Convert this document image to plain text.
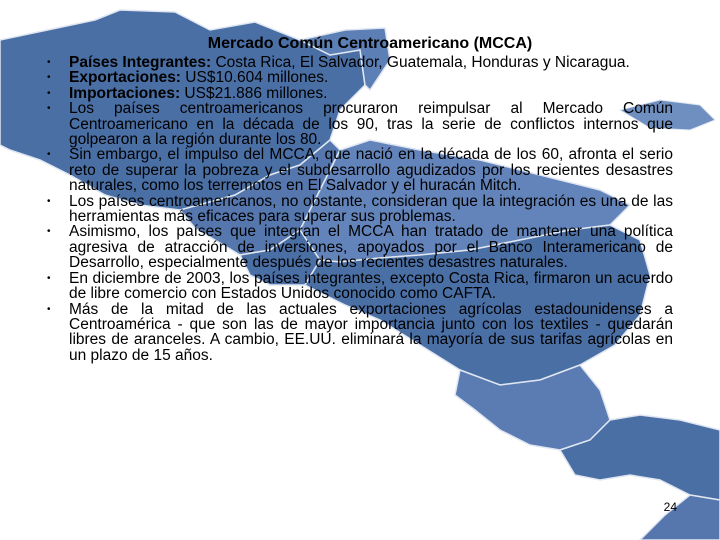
Mercado Común Centroamericano (MCCA)
•	Países Integrantes: Costa Rica, El Salvador, Guatemala, Honduras y Nicaragua.
•	Exportaciones: US$10.604 millones.
•	Importaciones: US$21.886 millones.
•	Los países centroamericanos procuraron reimpulsar al Mercado Común Centroamericano en la década de los 90, tras la serie de conflictos internos que golpearon a la región durante los 80.
•	Sin embargo, el impulso del MCCA, que nació en la década de los 60, afronta el serio reto de superar la pobreza y el subdesarrollo agudizados por los recientes desastres naturales, como los terremotos en El Salvador y el huracán Mitch.
•	Los países centroamericanos, no obstante, consideran que la integración es una de las herramientas más eficaces para superar sus problemas.
•	Asimismo, los países que integran el MCCA han tratado de mantener una política agresiva de atracción de inversiones, apoyados por el Banco Interamericano de Desarrollo, especialmente después de los recientes desastres naturales.
•	En diciembre de 2003, los países integrantes, excepto Costa Rica, firmaron un acuerdo de libre comercio con Estados Unidos conocido como CAFTA.
•	Más de la mitad de las actuales exportaciones agrícolas estadounidenses a Centroamérica - que son las de mayor importancia junto con los textiles - quedarán libres de aranceles. A cambio, EE.UU. eliminará la mayoría de sus tarifas agrícolas en un plazo de 15 años.
24
